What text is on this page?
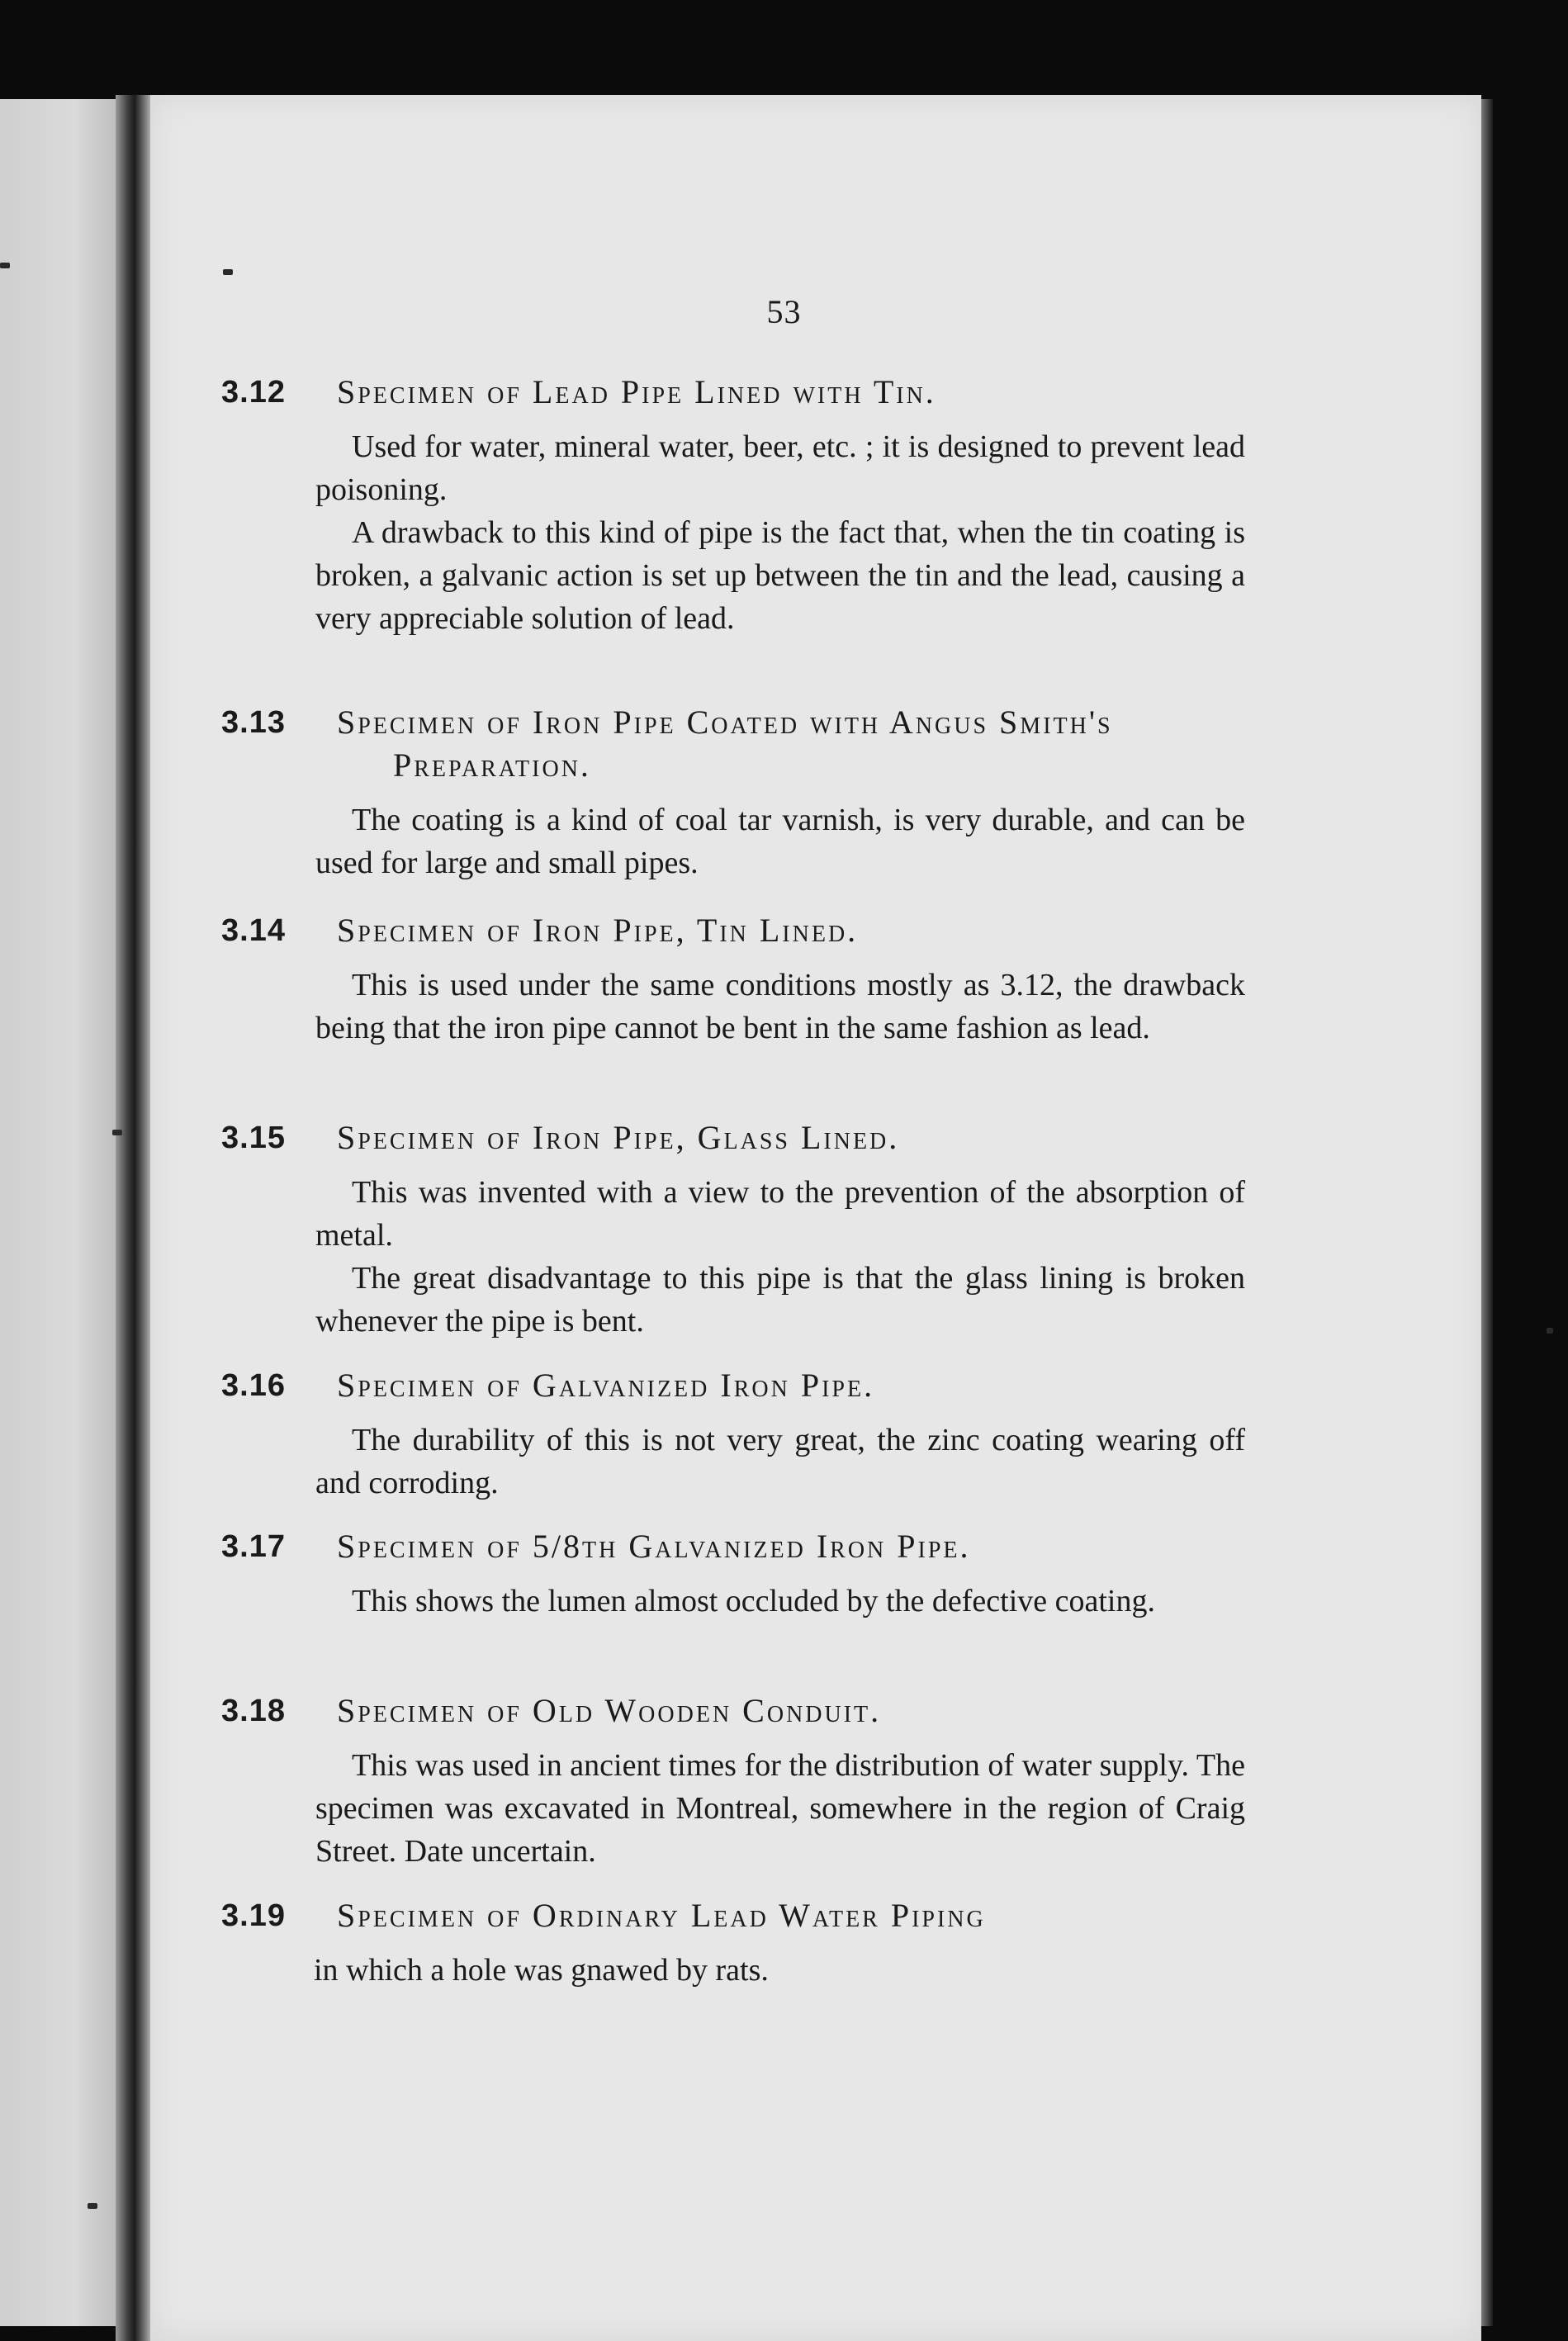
53
3.12	Specimen of Lead Pipe Lined with Tin.

Used for water, mineral water, beer, etc. ; it is designed to prevent lead poisoning.

A drawback to this kind of pipe is the fact that, when the tin coating is broken, a galvanic action is set up between the tin and the lead, causing a very appreciable solution of lead.

3.13	Specimen of Iron Pipe Coated with Angus Smith's
Preparation.

The coating is a kind of coal tar varnish, is very durable, and can be used for large and small pipes.

3.14	Specimen of Iron Pipe, Tin Lined.

This is used under the same conditions mostly as 3.12, the drawback being that the iron pipe cannot be bent in the same fashion as lead.

3.15	Specimen of Iron Pipe, Glass Lined.

This was invented with a view to the prevention of the absorption of metal.

The great disadvantage to this pipe is that the glass lining is broken whenever the pipe is bent.

3.16	Specimen of Galvanized Iron Pipe.

The durability of this is not very great, the zinc coating wearing off and corroding.

3.17	Specimen of 5/8th Galvanized Iron Pipe.

This shows the lumen almost occluded by the defective coating.

3.18	Specimen of Old Wooden Conduit.

This was used in ancient times for the distribution of water supply. The specimen was excavated in Montreal, somewhere in the region of Craig Street. Date uncertain.

3.19	Specimen of Ordinary Lead Water Piping

in which a hole was gnawed by rats.
